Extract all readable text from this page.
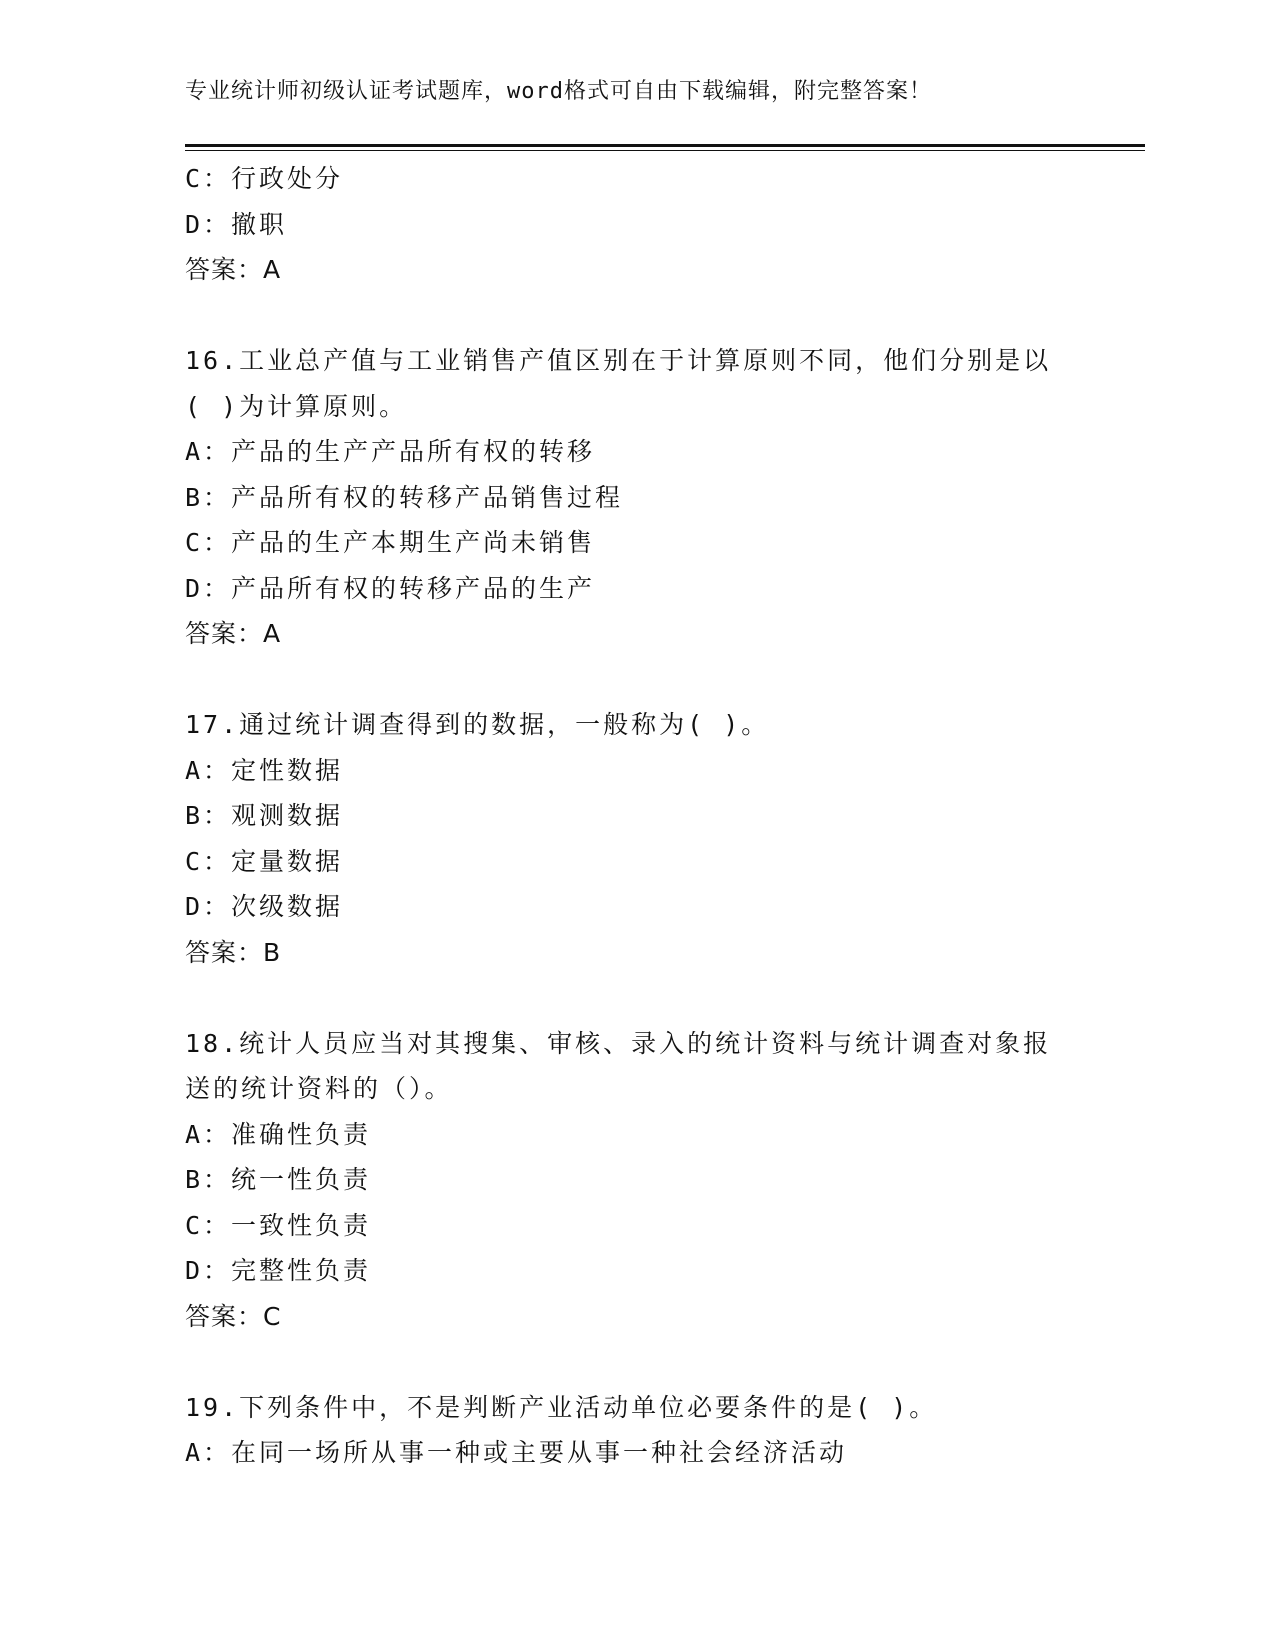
专业统计师初级认证考试题库，word格式可自由下载编辑，附完整答案！
C：行政处分
D：撤职
答案：A
16.工业总产值与工业销售产值区别在于计算原则不同，他们分别是以
( )为计算原则。
A：产品的生产产品所有权的转移
B：产品所有权的转移产品销售过程
C：产品的生产本期生产尚未销售
D：产品所有权的转移产品的生产
答案：A
17.通过统计调查得到的数据，一般称为( )。
A：定性数据
B：观测数据
C：定量数据
D：次级数据
答案：B
18.统计人员应当对其搜集、审核、录入的统计资料与统计调查对象报
送的统计资料的（）。
A：准确性负责
B：统一性负责
C：一致性负责
D：完整性负责
答案：C
19.下列条件中，不是判断产业活动单位必要条件的是( )。
A：在同一场所从事一种或主要从事一种社会经济活动
